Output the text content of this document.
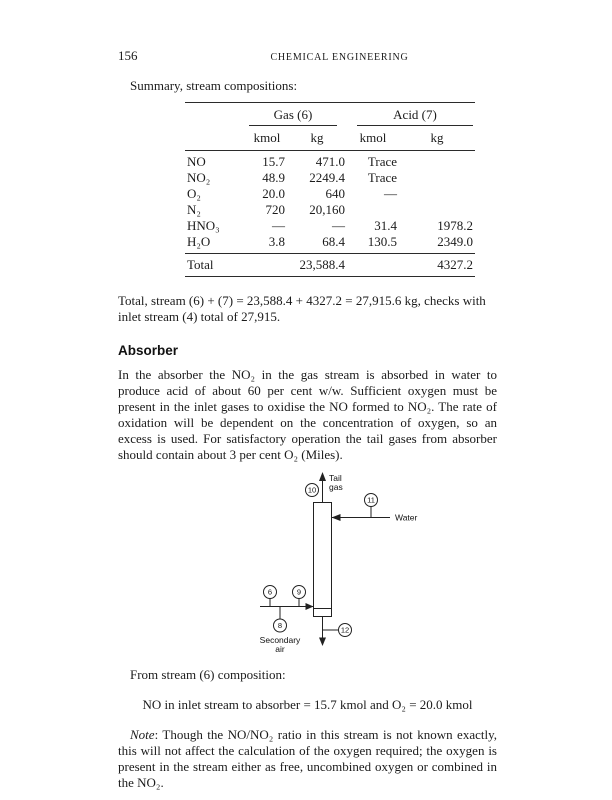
156	CHEMICAL ENGINEERING

Summary, stream compositions:

	Gas (6)		Acid (7)	

	kmol	kg	kmol	kg
NO	15.7	471.0	Trace	
NO₂	48.9	2249.4	Trace	
O₂	20.0	640	—	
N₂	720	20,160		
HNO₃	—	—	31.4	1978.2
H₂O	3.8	68.4	130.5	2349.0
Total		23,588.4		4327.2

Total, stream (6) + (7) = 23,588.4 + 4327.2 = 27,915.6 kg, checks with inlet stream (4) total of 27,915.

Absorber

In the absorber the NO₂ in the gas stream is absorbed in water to produce acid of about 60 per cent w/w. Sufficient oxygen must be present in the inlet gases to oxidise the NO formed to NO₂. The rate of oxidation will be dependent on the concentration of oxygen, so an excess is used. For satisfactory operation the tail gases from absorber should contain about 3 per cent O₂ (Miles).

10
11
6	9
8	12
Tail
gas
Water
Secondary
air

From stream (6) composition:

NO in inlet stream to absorber = 15.7 kmol and O₂ = 20.0 kmol

Note: Though the NO/NO₂ ratio in this stream is not known exactly, this will not affect the calculation of the oxygen required; the oxygen is present in the stream either as free, uncombined oxygen or combined in the NO₂.
